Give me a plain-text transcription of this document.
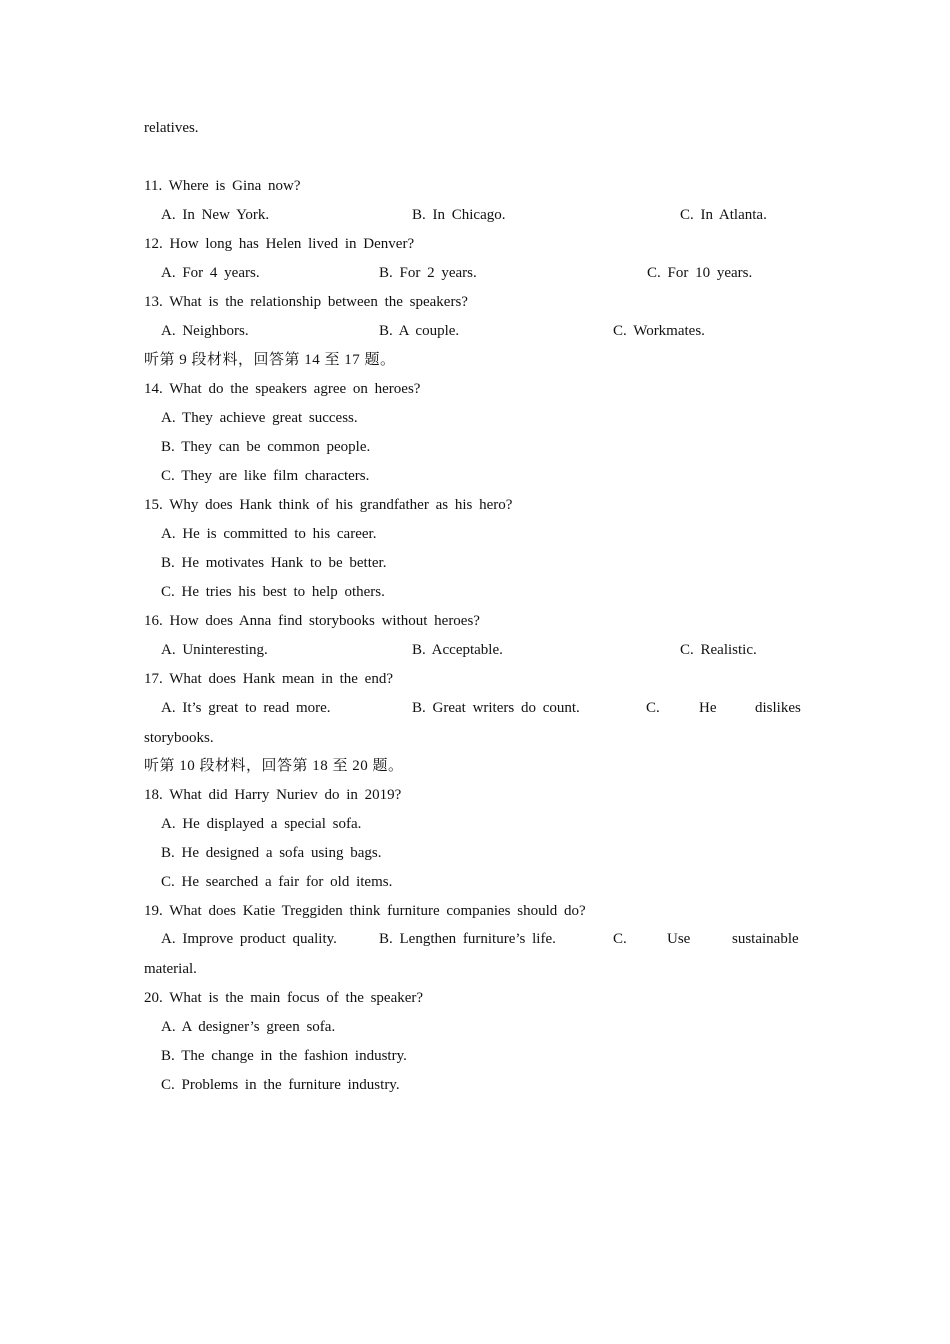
relatives.
11. Where is Gina now?
A. In New York.	B. In Chicago.	C. In Atlanta.
12. How long has Helen lived in Denver?
A. For 4 years.	B. For 2 years.	C. For 10 years.
13. What is the relationship between the speakers?
A. Neighbors.	B. A couple.	C. Workmates.
听第 9 段材料，回答第 14 至 17 题。
14. What do the speakers agree on heroes?
A. They achieve great success.
B. They can be common people.
C. They are like film characters.
15. Why does Hank think of his grandfather as his hero?
A. He is committed to his career.
B. He motivates Hank to be better.
C. He tries his best to help others.
16. How does Anna find storybooks without heroes?
A. Uninteresting.	B. Acceptable.	C. Realistic.
17. What does Hank mean in the end?
A. It’s great to read more.	B. Great writers do count.	C.	He	dislikes
storybooks.
听第 10 段材料，回答第 18 至 20 题。
18. What did Harry Nuriev do in 2019?
A. He displayed a special sofa.
B. He designed a sofa using bags.
C. He searched a fair for old items.
19. What does Katie Treggiden think furniture companies should do?
A. Improve product quality.	B. Lengthen furniture’s life.	C.	Use	sustainable
material.
20. What is the main focus of the speaker?
A. A designer’s green sofa.
B. The change in the fashion industry.
C. Problems in the furniture industry.
